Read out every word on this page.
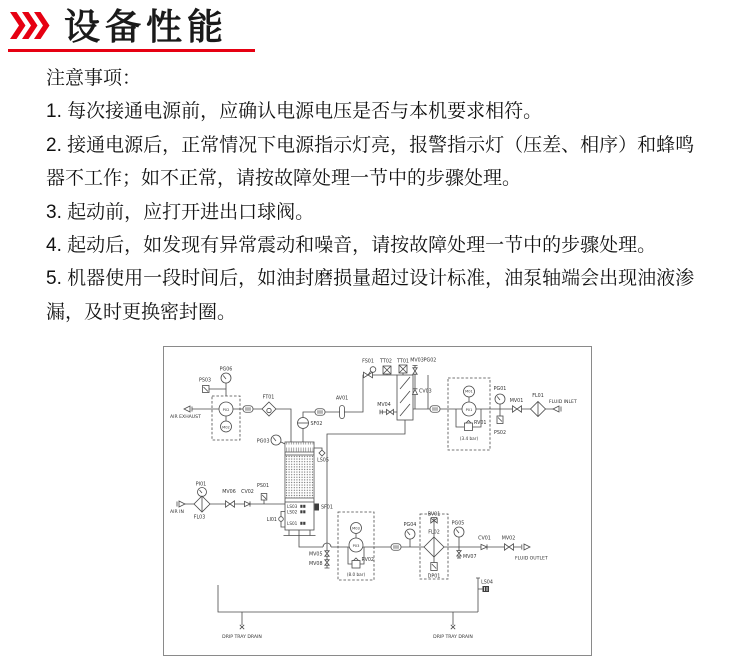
设备性能

注意事项：

1. 每次接通电源前，应确认电源电压是否与本机要求相符。

2. 接通电源后，正常情况下电源指示灯亮，报警指示灯（压差、相序）和蜂鸣器不工作；如不正常，请按故障处理一节中的步骤处理。

3. 起动前，应打开进出口球阀。

4. 起动后，如发现有异常震动和噪音，请按故障处理一节中的步骤处理。

5. 机器使用一段时间后，如油封磨损量超过设计标准，油泵轴端会出现油液渗漏，及时更换密封圈。

PG06
PS03
P02
M02
AIR EXHAUST
FT01
SF02
PG03
AV01
FS01 TT02 TT01 MV03 PG02
CV03
MV04
M01
P01
RV01
(3.4 bar)
PG01
PS02
MV01
FL01
FLUID INLET
PI01
AIR IN
FL03
MV06 CV02
PS01
LS03
LS02
LS01
LI01
SF01
LS05
MV05
MV08
M03
P03
RV02
(8.0 bar)
PG04
BV01
FL02
DP01
PG05
MV07
CV01 MV02
FLUID OUTLET
LS04
DRIP TRAY DRAIN	DRIP TRAY DRAIN
